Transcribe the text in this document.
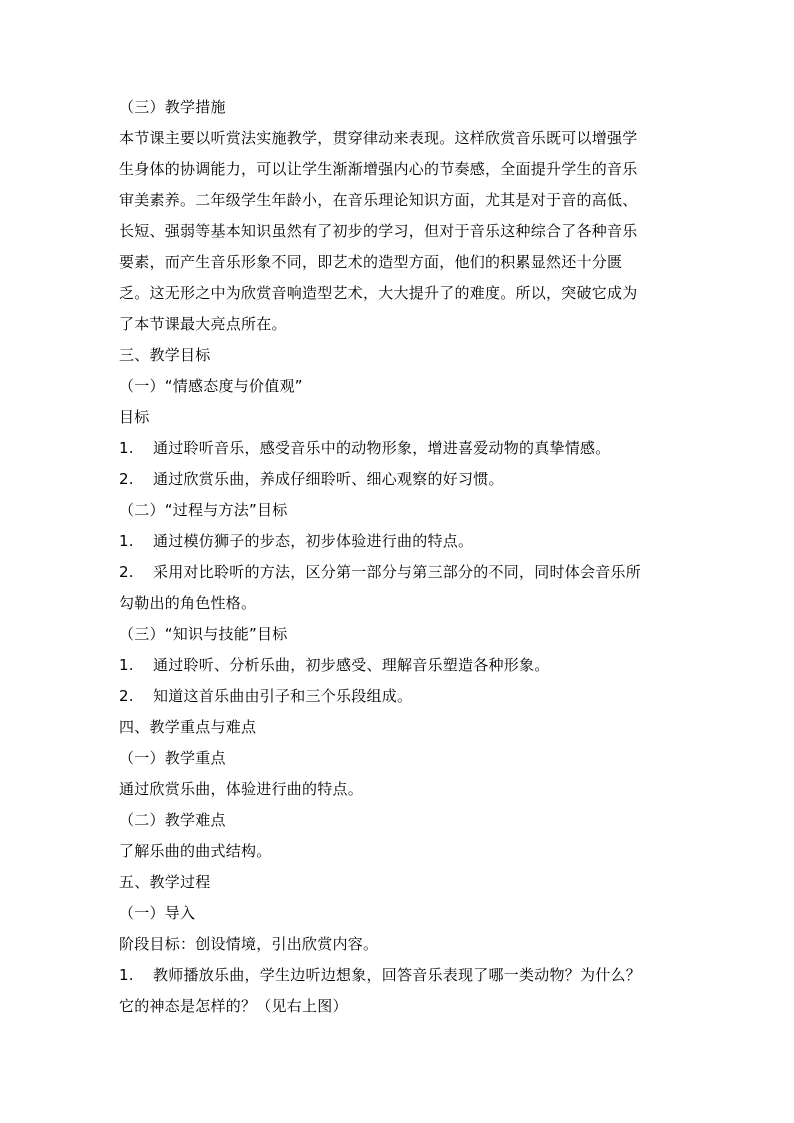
（三）教学措施
本节课主要以听赏法实施教学，贯穿律动来表现。这样欣赏音乐既可以增强学
生身体的协调能力，可以让学生渐渐增强内心的节奏感，全面提升学生的音乐
审美素养。二年级学生年龄小，在音乐理论知识方面，尤其是对于音的高低、
长短、强弱等基本知识虽然有了初步的学习，但对于音乐这种综合了各种音乐
要素，而产生音乐形象不同，即艺术的造型方面，他们的积累显然还十分匮
乏。这无形之中为欣赏音响造型艺术，大大提升了的难度。所以，突破它成为
了本节课最大亮点所在。
三、教学目标
（一）“情感态度与价值观”
目标
1. 通过聆听音乐，感受音乐中的动物形象，增进喜爱动物的真挚情感。
2. 通过欣赏乐曲，养成仔细聆听、细心观察的好习惯。
（二）“过程与方法”目标
1. 通过模仿狮子的步态，初步体验进行曲的特点。
2. 采用对比聆听的方法，区分第一部分与第三部分的不同，同时体会音乐所
勾勒出的角色性格。
（三）“知识与技能”目标
1. 通过聆听、分析乐曲，初步感受、理解音乐塑造各种形象。
2. 知道这首乐曲由引子和三个乐段组成。
四、教学重点与难点
（一）教学重点
通过欣赏乐曲，体验进行曲的特点。
（二）教学难点
了解乐曲的曲式结构。
五、教学过程
（一）导入
阶段目标：创设情境，引出欣赏内容。
1. 教师播放乐曲，学生边听边想象，回答音乐表现了哪一类动物？为什么？
它的神态是怎样的？（见右上图）
